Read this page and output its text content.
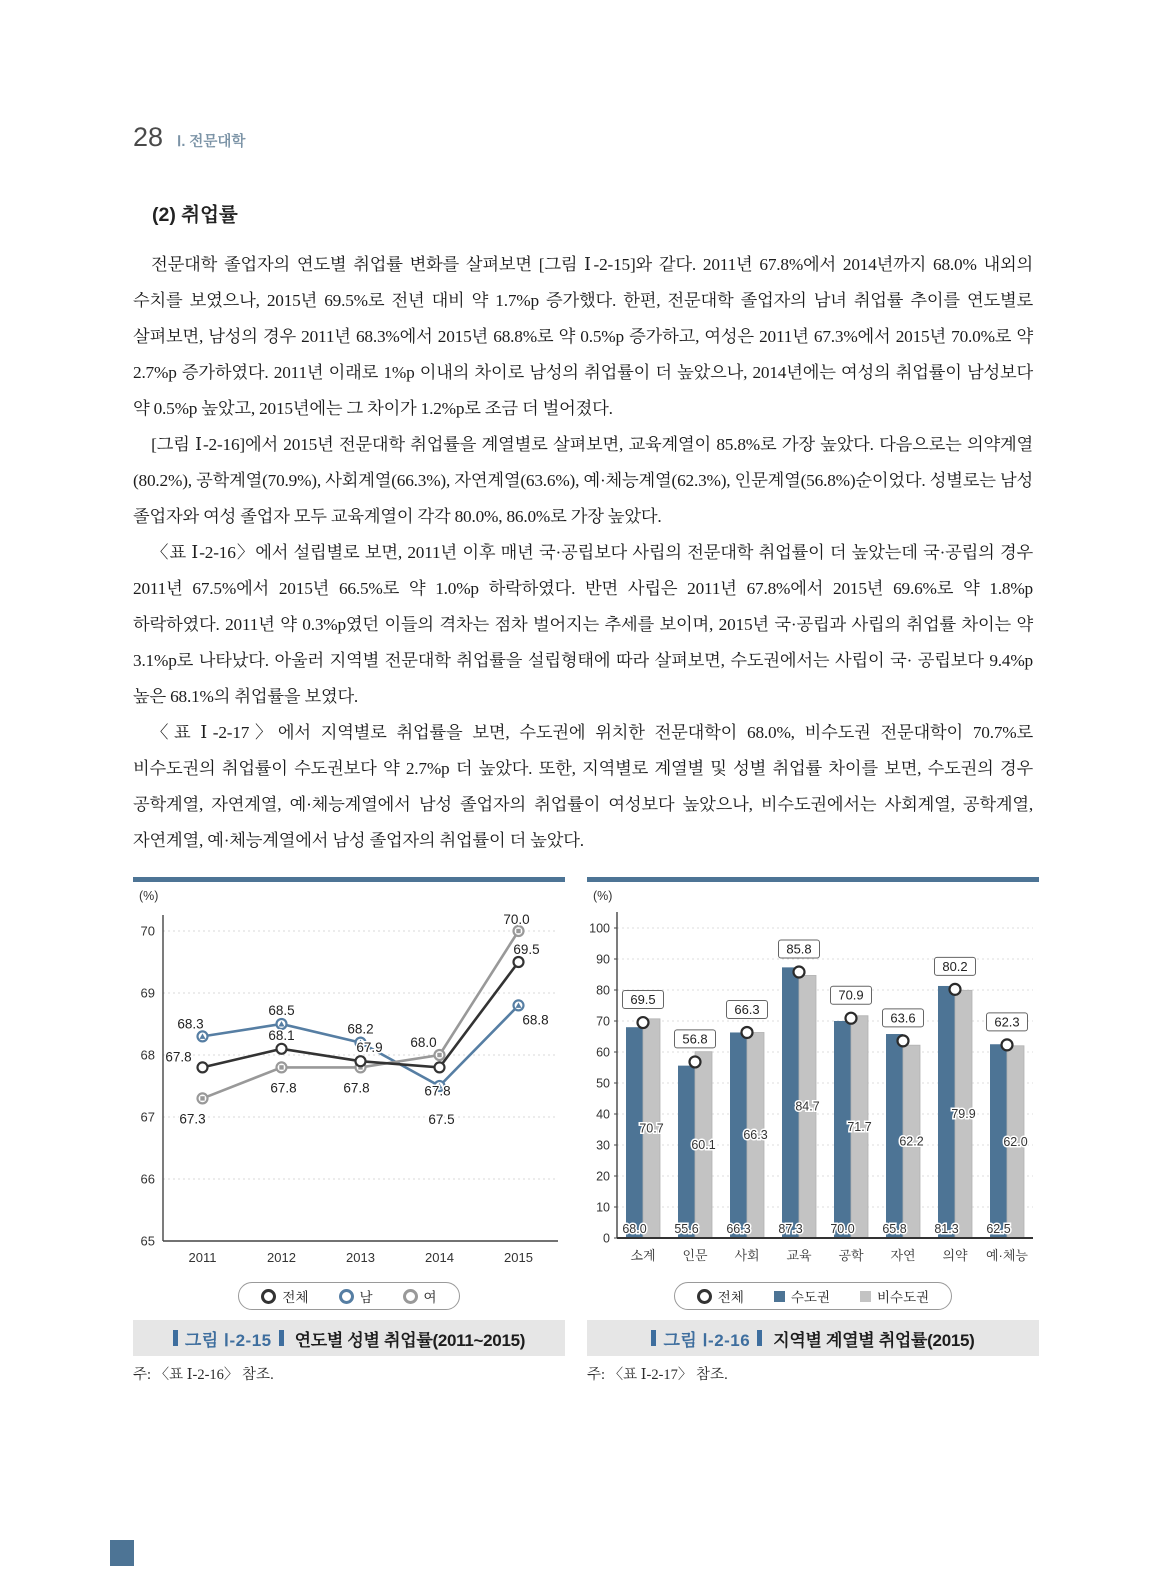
28 Ⅰ. 전문대학
(2) 취업률

전문대학 졸업자의 연도별 취업률 변화를 살펴보면 [그림 Ⅰ-2-15]와 같다. 2011년 67.8%에서 2014년까지 68.0% 내외의 수치를 보였으나, 2015년 69.5%로 전년 대비 약 1.7%p 증가했다. 한편, 전문대학 졸업자의 남녀 취업률 추이를 연도별로 살펴보면, 남성의 경우 2011년 68.3%에서 2015년 68.8%로 약 0.5%p 증가하고, 여성은 2011년 67.3%에서 2015년 70.0%로 약 2.7%p 증가하였다. 2011년 이래로 1%p 이내의 차이로 남성의 취업률이 더 높았으나, 2014년에는 여성의 취업률이 남성보다 약 0.5%p 높았고, 2015년에는 그 차이가 1.2%p로 조금 더 벌어졌다.

[그림 Ⅰ-2-16]에서 2015년 전문대학 취업률을 계열별로 살펴보면, 교육계열이 85.8%로 가장 높았다. 다음으로는 의약계열(80.2%), 공학계열(70.9%), 사회계열(66.3%), 자연계열(63.6%), 예·체능계열(62.3%), 인문계열(56.8%)순이었다. 성별로는 남성 졸업자와 여성 졸업자 모두 교육계열이 각각 80.0%, 86.0%로 가장 높았다.

〈표 Ⅰ-2-16〉에서 설립별로 보면, 2011년 이후 매년 국·공립보다 사립의 전문대학 취업률이 더 높았는데 국·공립의 경우 2011년 67.5%에서 2015년 66.5%로 약 1.0%p 하락하였다. 반면 사립은 2011년 67.8%에서 2015년 69.6%로 약 1.8%p 하락하였다. 2011년 약 0.3%p였던 이들의 격차는 점차 벌어지는 추세를 보이며, 2015년 국·공립과 사립의 취업률 차이는 약 3.1%p로 나타났다. 아울러 지역별 전문대학 취업률을 설립형태에 따라 살펴보면, 수도권에서는 사립이 국· 공립보다 9.4%p 높은 68.1%의 취업률을 보였다.

〈표 Ⅰ-2-17〉에서 지역별로 취업률을 보면, 수도권에 위치한 전문대학이 68.0%, 비수도권 전문대학이 70.7%로 비수도권의 취업률이 수도권보다 약 2.7%p 더 높았다. 또한, 지역별로 계열별 및 성별 취업률 차이를 보면, 수도권의 경우 공학계열, 자연계열, 예·체능계열에서 남성 졸업자의 취업률이 여성보다 높았으나, 비수도권에서는 사회계열, 공학계열, 자연계열, 예·체능계열에서 남성 졸업자의 취업률이 더 높았다.

(%)
65
66
67
68
69
70
2011	2012	2013	2014	2015
67.8
68.1
67.9
67.8
69.5
68.3
68.5
68.2
67.5
68.8
67.3
67.8	67.8
68.0
70.0
전체	남	여
그림 Ⅰ-2-15 연도별 성별 취업률(2011~2015)
주: 〈표 Ⅰ-2-16〉 참조.
(%)
0
10
20
30
40
50
60
70
80
90
100
70.7
68.0
69.5
소계
60.1
55.6
56.8
인문
66.3
66.3
66.3
사회
84.7
87.3
85.8
교육
71.7
70.0
70.9
공학
62.2
65.8
63.6
자연
79.9
81.3
80.2
의약
62.0
62.5
62.3
예·체능
전체	수도권	비수도권
그림 Ⅰ-2-16 지역별 계열별 취업률(2015)
주: 〈표 Ⅰ-2-17〉 참조.
